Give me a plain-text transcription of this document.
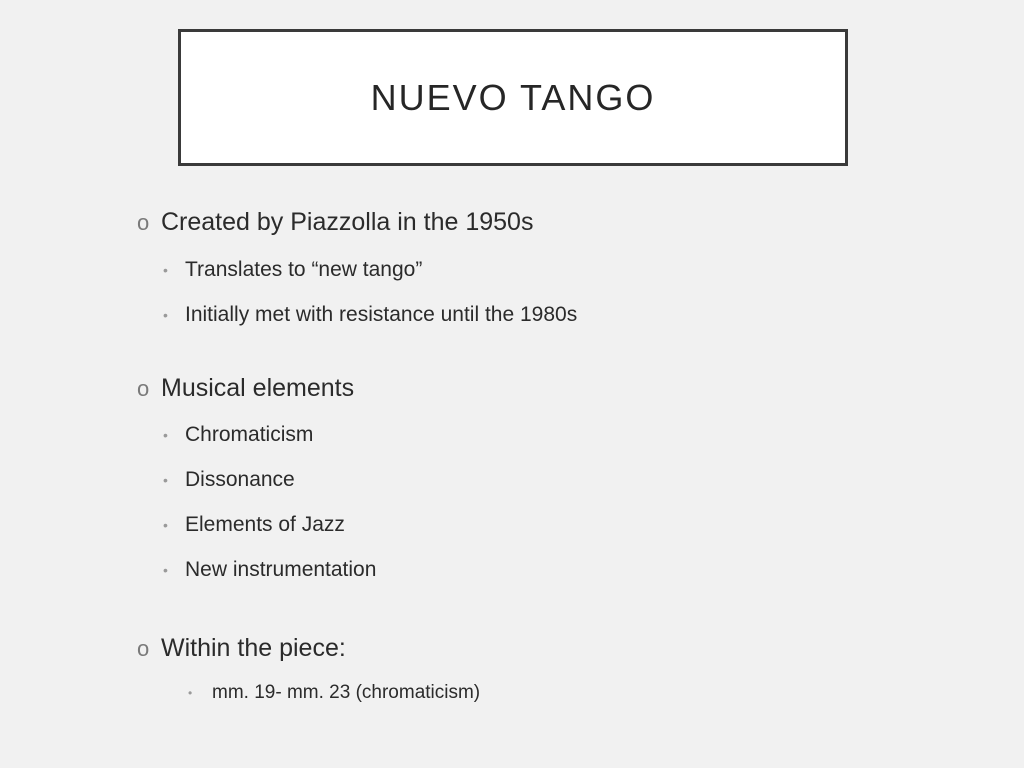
NUEVO TANGO
o Created by Piazzolla in the 1950s
• Translates to “new tango”
• Initially met with resistance until the 1980s
o Musical elements
• Chromaticism
• Dissonance
• Elements of Jazz
• New instrumentation
o Within the piece:
•	mm. 19- mm. 23 (chromaticism)
